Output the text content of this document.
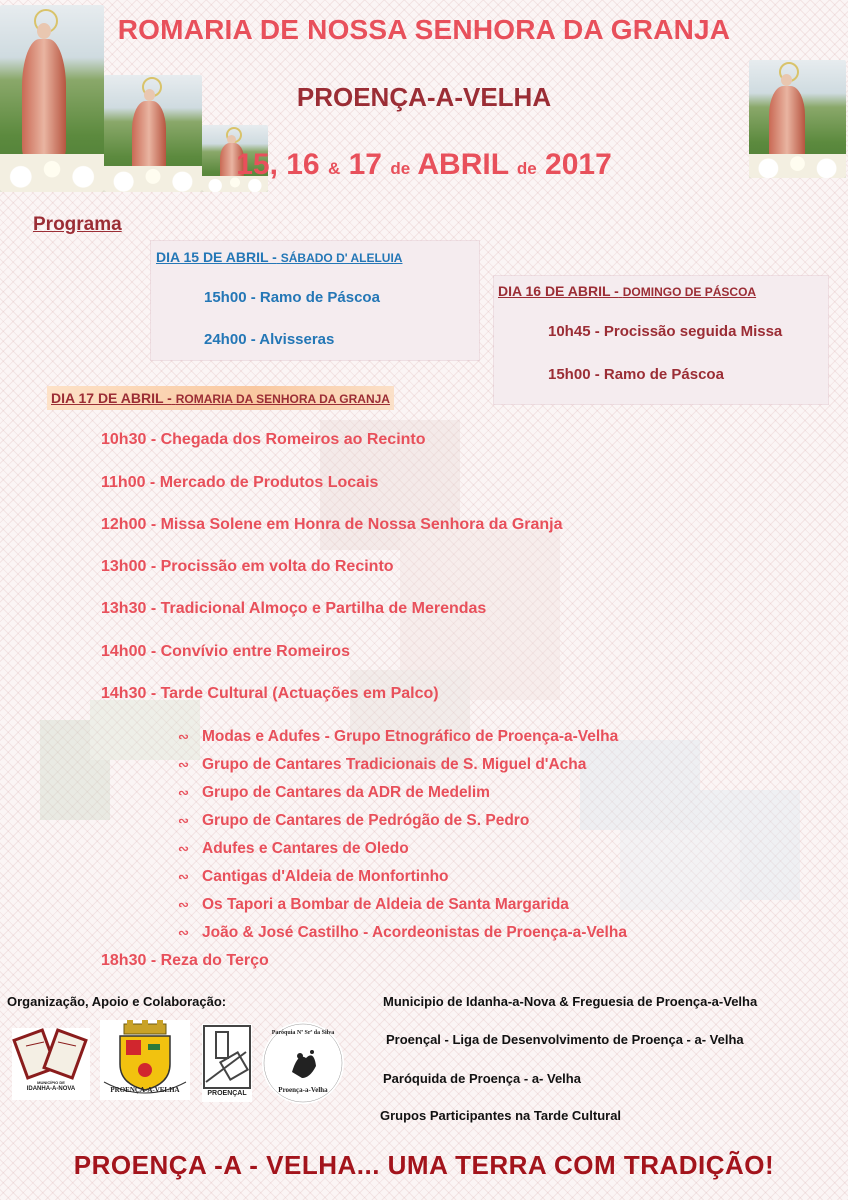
ROMARIA DE NOSSA SENHORA DA GRANJA
PROENÇA-A-VELHA
15, 16 & 17 de ABRIL de 2017
Programa
DIA 15 DE ABRIL - SÁBADO D' ALELUIA
15h00 - Ramo de Páscoa
24h00 - Alvisseras
DIA 16 DE ABRIL - DOMINGO DE PÁSCOA
10h45 - Procissão seguida Missa
15h00 - Ramo de Páscoa
DIA 17 DE ABRIL - ROMARIA DA SENHORA DA GRANJA
10h30 - Chegada dos Romeiros ao Recinto
11h00 - Mercado de Produtos Locais
12h00 - Missa Solene em Honra de Nossa Senhora da Granja
13h00 - Procissão em volta do Recinto
13h30 - Tradicional Almoço e Partilha de Merendas
14h00 - Convívio entre Romeiros
14h30 - Tarde Cultural (Actuações em Palco)
∾ Modas e Adufes - Grupo Etnográfico de Proença-a-Velha
∾ Grupo de Cantares Tradicionais de S. Miguel d'Acha
∾ Grupo de Cantares da ADR de Medelim
∾ Grupo de Cantares de Pedrógão de S. Pedro
∾ Adufes e Cantares de Oledo
∾ Cantigas d'Aldeia de Monfortinho
∾ Os Tapori a Bombar de Aldeia de Santa Margarida
∾ João & José Castilho - Acordeonistas de Proença-a-Velha
18h30 - Reza do Terço
Organização, Apoio e Colaboração:	Municipio de Idanha-a-Nova & Freguesia de Proença-a-Velha
Proençal - Liga de Desenvolvimento de Proença - a- Velha
Paróquida de Proença - a- Velha
Grupos Participantes na Tarde Cultural
MUNICÍPIO DE
IDANHA-A-NOVA	PROENÇA-A-VELHA	PROENÇAL
Paróquia Nª Srª da Silva
Proença-a-Velha
PROENÇA -A - VELHA... UMA TERRA COM TRADIÇÃO!
